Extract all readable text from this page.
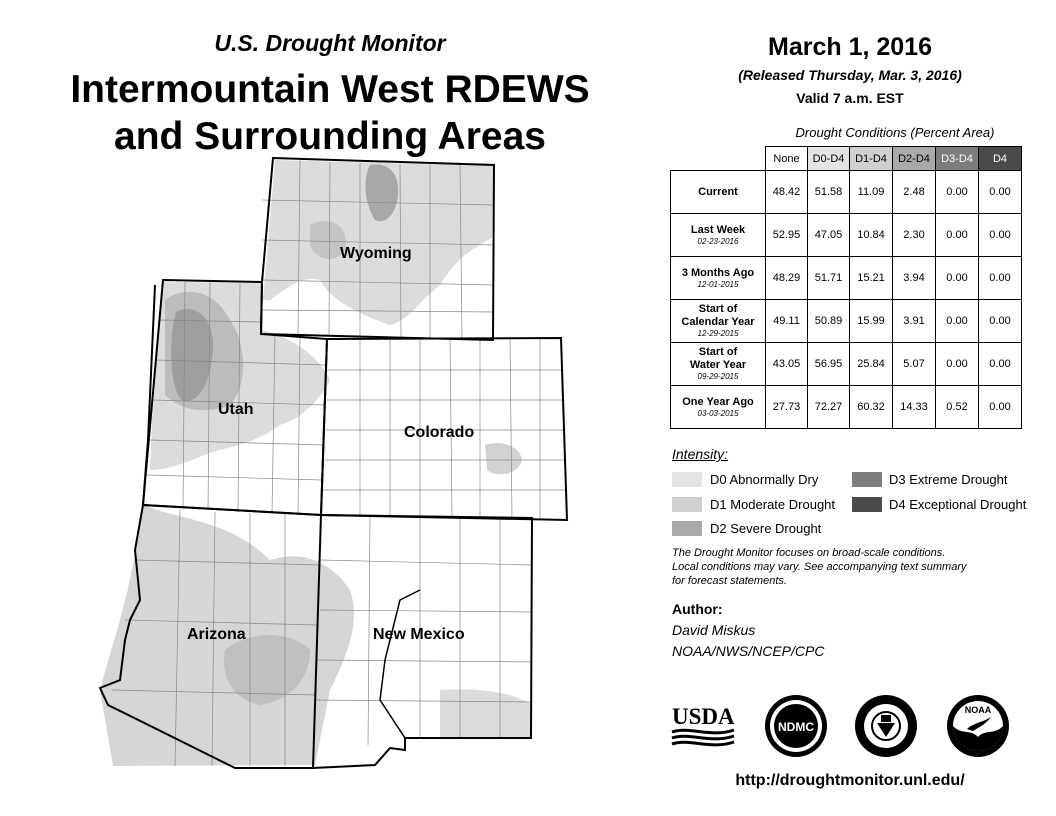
U.S. Drought Monitor
Intermountain West RDEWS
and Surrounding Areas
Wyoming
Utah
Colorado
Arizona	New Mexico
March 1, 2016
(Released Thursday, Mar. 3, 2016)
Valid 7 a.m. EST
Drought Conditions (Percent Area)
	None	D0-D4	D1-D4	D2-D4	D3-D4	D4
Current	48.42	51.58	11.09	2.48	0.00	0.00
Last Week
02-23-2016	52.95	47.05	10.84	2.30	0.00	0.00
3 Months Ago
12-01-2015	48.29	51.71	15.21	3.94	0.00	0.00
Start of
Calendar Year
12-29-2015	49.11	50.89	15.99	3.91	0.00	0.00
Start of
Water Year
09-29-2015	43.05	56.95	25.84	5.07	0.00	0.00
One Year Ago
03-03-2015	27.73	72.27	60.32	14.33	0.52	0.00
Intensity:
D0 Abnormally Dry
D1 Moderate Drought
D2 Severe Drought
D3 Extreme Drought
D4 Exceptional Drought
The Drought Monitor focuses on broad-scale conditions.
Local conditions may vary. See accompanying text summary
for forecast statements.
Author:
David Miskus
NOAA/NWS/NCEP/CPC
USDA	NDMC
NOAA
http://droughtmonitor.unl.edu/
